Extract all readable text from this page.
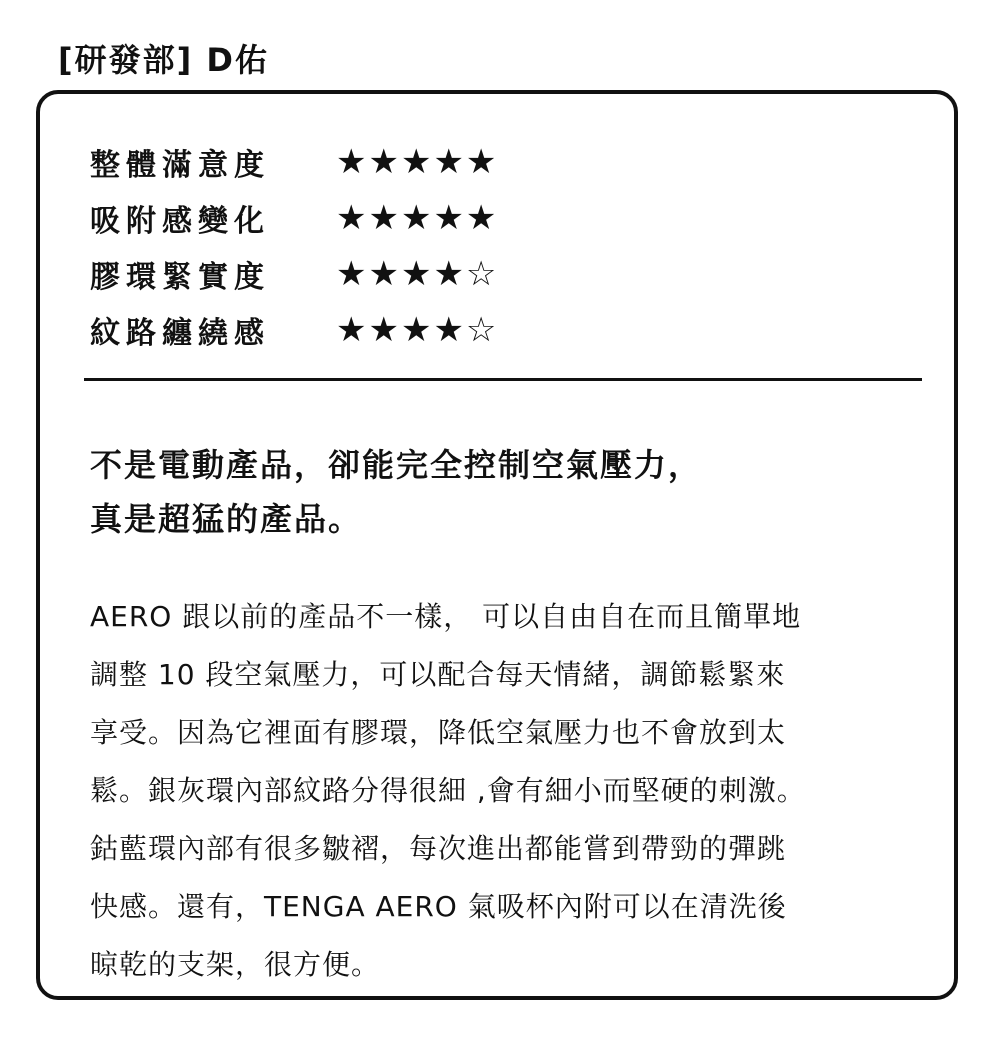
[研發部] D佑
整體滿意度	★★★★★
吸附感變化	★★★★★
膠環緊實度	★★★★☆
紋路纏繞感	★★★★☆
不是電動產品，卻能完全控制空氣壓力，
真是超猛的產品。
AERO 跟以前的產品不一樣， 可以自由自在而且簡單地
調整 10 段空氣壓力，可以配合每天情緒，調節鬆緊來
享受。因為它裡面有膠環，降低空氣壓力也不會放到太
鬆。銀灰環內部紋路分得很細 ,會有細小而堅硬的刺激。
鈷藍環內部有很多皺褶，每次進出都能嘗到帶勁的彈跳
快感。還有，TENGA AERO 氣吸杯內附可以在清洗後
晾乾的支架，很方便。
